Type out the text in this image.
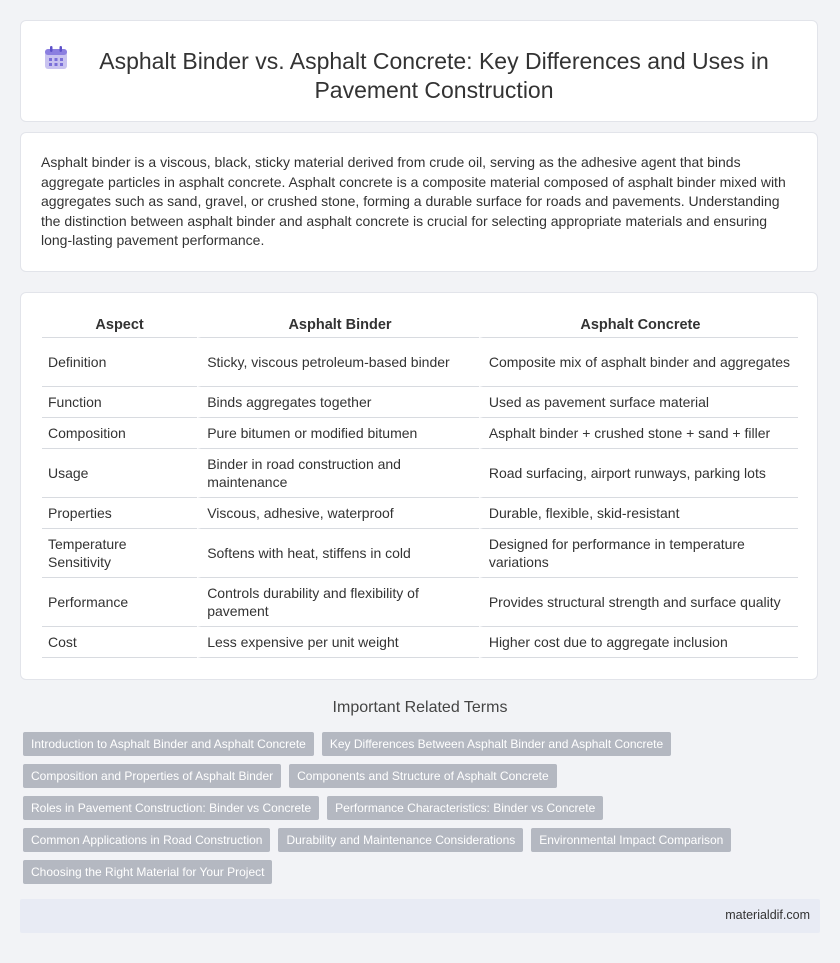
Asphalt Binder vs. Asphalt Concrete: Key Differences and Uses in Pavement Construction

Asphalt binder is a viscous, black, sticky material derived from crude oil, serving as the adhesive agent that binds aggregate particles in asphalt concrete. Asphalt concrete is a composite material composed of asphalt binder mixed with aggregates such as sand, gravel, or crushed stone, forming a durable surface for roads and pavements. Understanding the distinction between asphalt binder and asphalt concrete is crucial for selecting appropriate materials and ensuring long-lasting pavement performance.

Aspect	Asphalt Binder	Asphalt Concrete
Definition	Sticky, viscous petroleum-based binder	Composite mix of asphalt binder and aggregates
Function	Binds aggregates together	Used as pavement surface material
Composition	Pure bitumen or modified bitumen	Asphalt binder + crushed stone + sand + filler
Usage	Binder in road construction and maintenance	Road surfacing, airport runways, parking lots
Properties	Viscous, adhesive, waterproof	Durable, flexible, skid-resistant
Temperature Sensitivity	Softens with heat, stiffens in cold	Designed for performance in temperature variations
Performance	Controls durability and flexibility of pavement	Provides structural strength and surface quality
Cost	Less expensive per unit weight	Higher cost due to aggregate inclusion
Important Related Terms
Introduction to Asphalt Binder and Asphalt Concrete	Key Differences Between Asphalt Binder and Asphalt Concrete
Composition and Properties of Asphalt Binder	Components and Structure of Asphalt Concrete
Roles in Pavement Construction: Binder vs Concrete	Performance Characteristics: Binder vs Concrete
Common Applications in Road Construction	Durability and Maintenance Considerations	Environmental Impact Comparison
Choosing the Right Material for Your Project
materialdif.com
